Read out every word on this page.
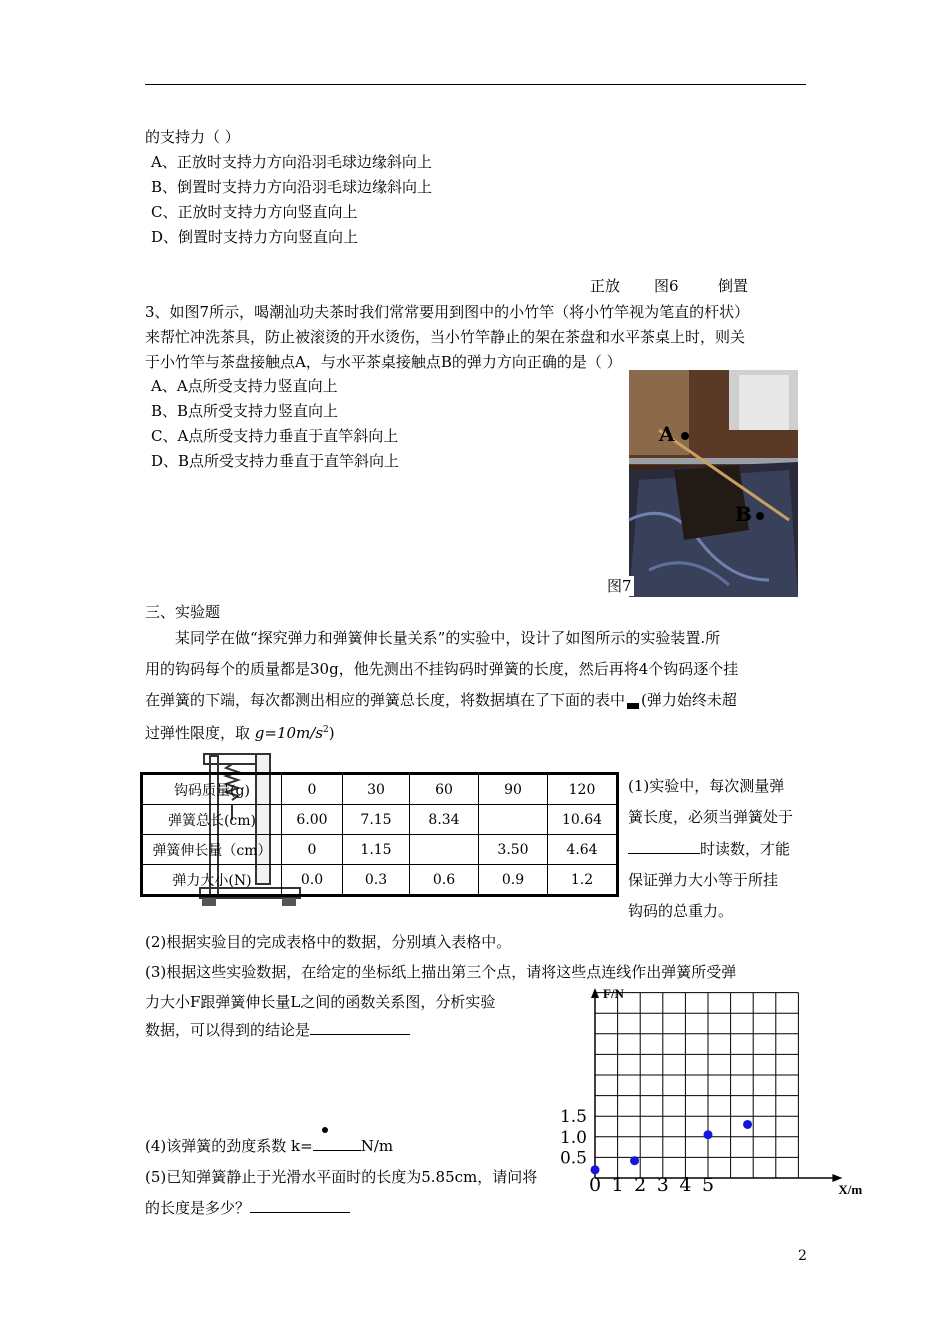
的支持力（ ）
A、正放时支持力方向沿羽毛球边缘斜向上
B、倒置时支持力方向沿羽毛球边缘斜向上
C、正放时支持力方向竖直向上
D、倒置时支持力方向竖直向上
正放 图6	倒置
3、如图7所示，喝潮汕功夫茶时我们常常要用到图中的小竹竿（将小竹竿视为笔直的杆状）
来帮忙冲洗茶具，防止被滚烫的开水烫伤，当小竹竿静止的架在茶盘和水平茶桌上时，则关
于小竹竿与茶盘接触点A，与水平茶桌接触点B的弹力方向正确的是（ ）
A、A点所受支持力竖直向上
B、B点所受支持力竖直向上
C、A点所受支持力垂直于直竿斜向上
D、B点所受支持力垂直于直竿斜向上
A
B
图7
三、实验题
某同学在做“探究弹力和弹簧伸长量关系”的实验中，设计了如图所示的实验装置.所
用的钩码每个的质量都是30g，他先测出不挂钩码时弹簧的长度，然后再将4个钩码逐个挂
在弹簧的下端，每次都测出相应的弹簧总长度，将数据填在了下面的表中 (弹力始终未超
过弹性限度，取 $g=10m/s^2$)
钩码质量(g)	0	30	60	90	120
弹簧总长(cm)	6.00	7.15	8.34		10.64
弹簧伸长量（cm）	0	1.15		3.50	4.64
弹力大小(N)	0.0	0.3	0.6	0.9	1.2
(1)实验中，每次测量弹
簧长度，必须当弹簧处于
时读数，才能
保证弹力大小等于所挂
钩码的总重力。
(2)根据实验目的完成表格中的数据，分别填入表格中。
(3)根据这些实验数据，在给定的坐标纸上描出第三个点，请将这些点连线作出弹簧所受弹
力大小F跟弹簧伸长量L之间的函数关系图，分析实验
数据，可以得到的结论是
(4)该弹簧的劲度系数 k=	N/m
(5)已知弹簧静止于光滑水平面时的长度为5.85cm，请问将
的长度是多少？
F/N
X/m
0.5
1.0
1.5
0 1 2 3 4 5
2
